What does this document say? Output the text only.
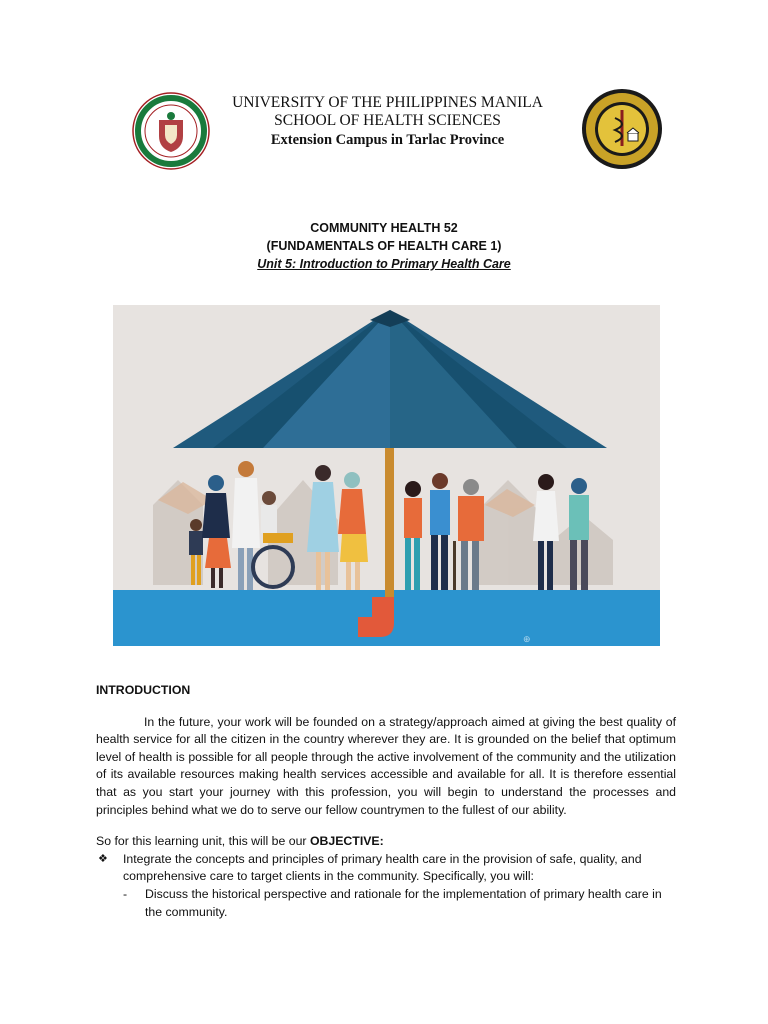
UNIVERSITY OF THE PHILIPPINES MANILA
SCHOOL OF HEALTH SCIENCES
Extension Campus in Tarlac Province
COMMUNITY HEALTH 52
(FUNDAMENTALS OF HEALTH CARE 1)
Unit 5: Introduction to Primary Health Care
⊕
INTRODUCTION
In the future, your work will be founded on a strategy/approach aimed at giving the best quality of health service for all the citizen in the country wherever they are. It is grounded on the belief that optimum level of health is possible for all people through the active involvement of the community and the utilization of its available resources making health services accessible and available for all. It is therefore essential that as you start your journey with this profession, you will begin to understand the processes and principles behind what we do to serve our fellow countrymen to the fullest of our ability.
So for this learning unit, this will be our OBJECTIVE:
❖ Integrate the concepts and principles of primary health care in the provision of safe, quality, and comprehensive care to target clients in the community. Specifically, you will:
- Discuss the historical perspective and rationale for the implementation of primary health care in the community.
